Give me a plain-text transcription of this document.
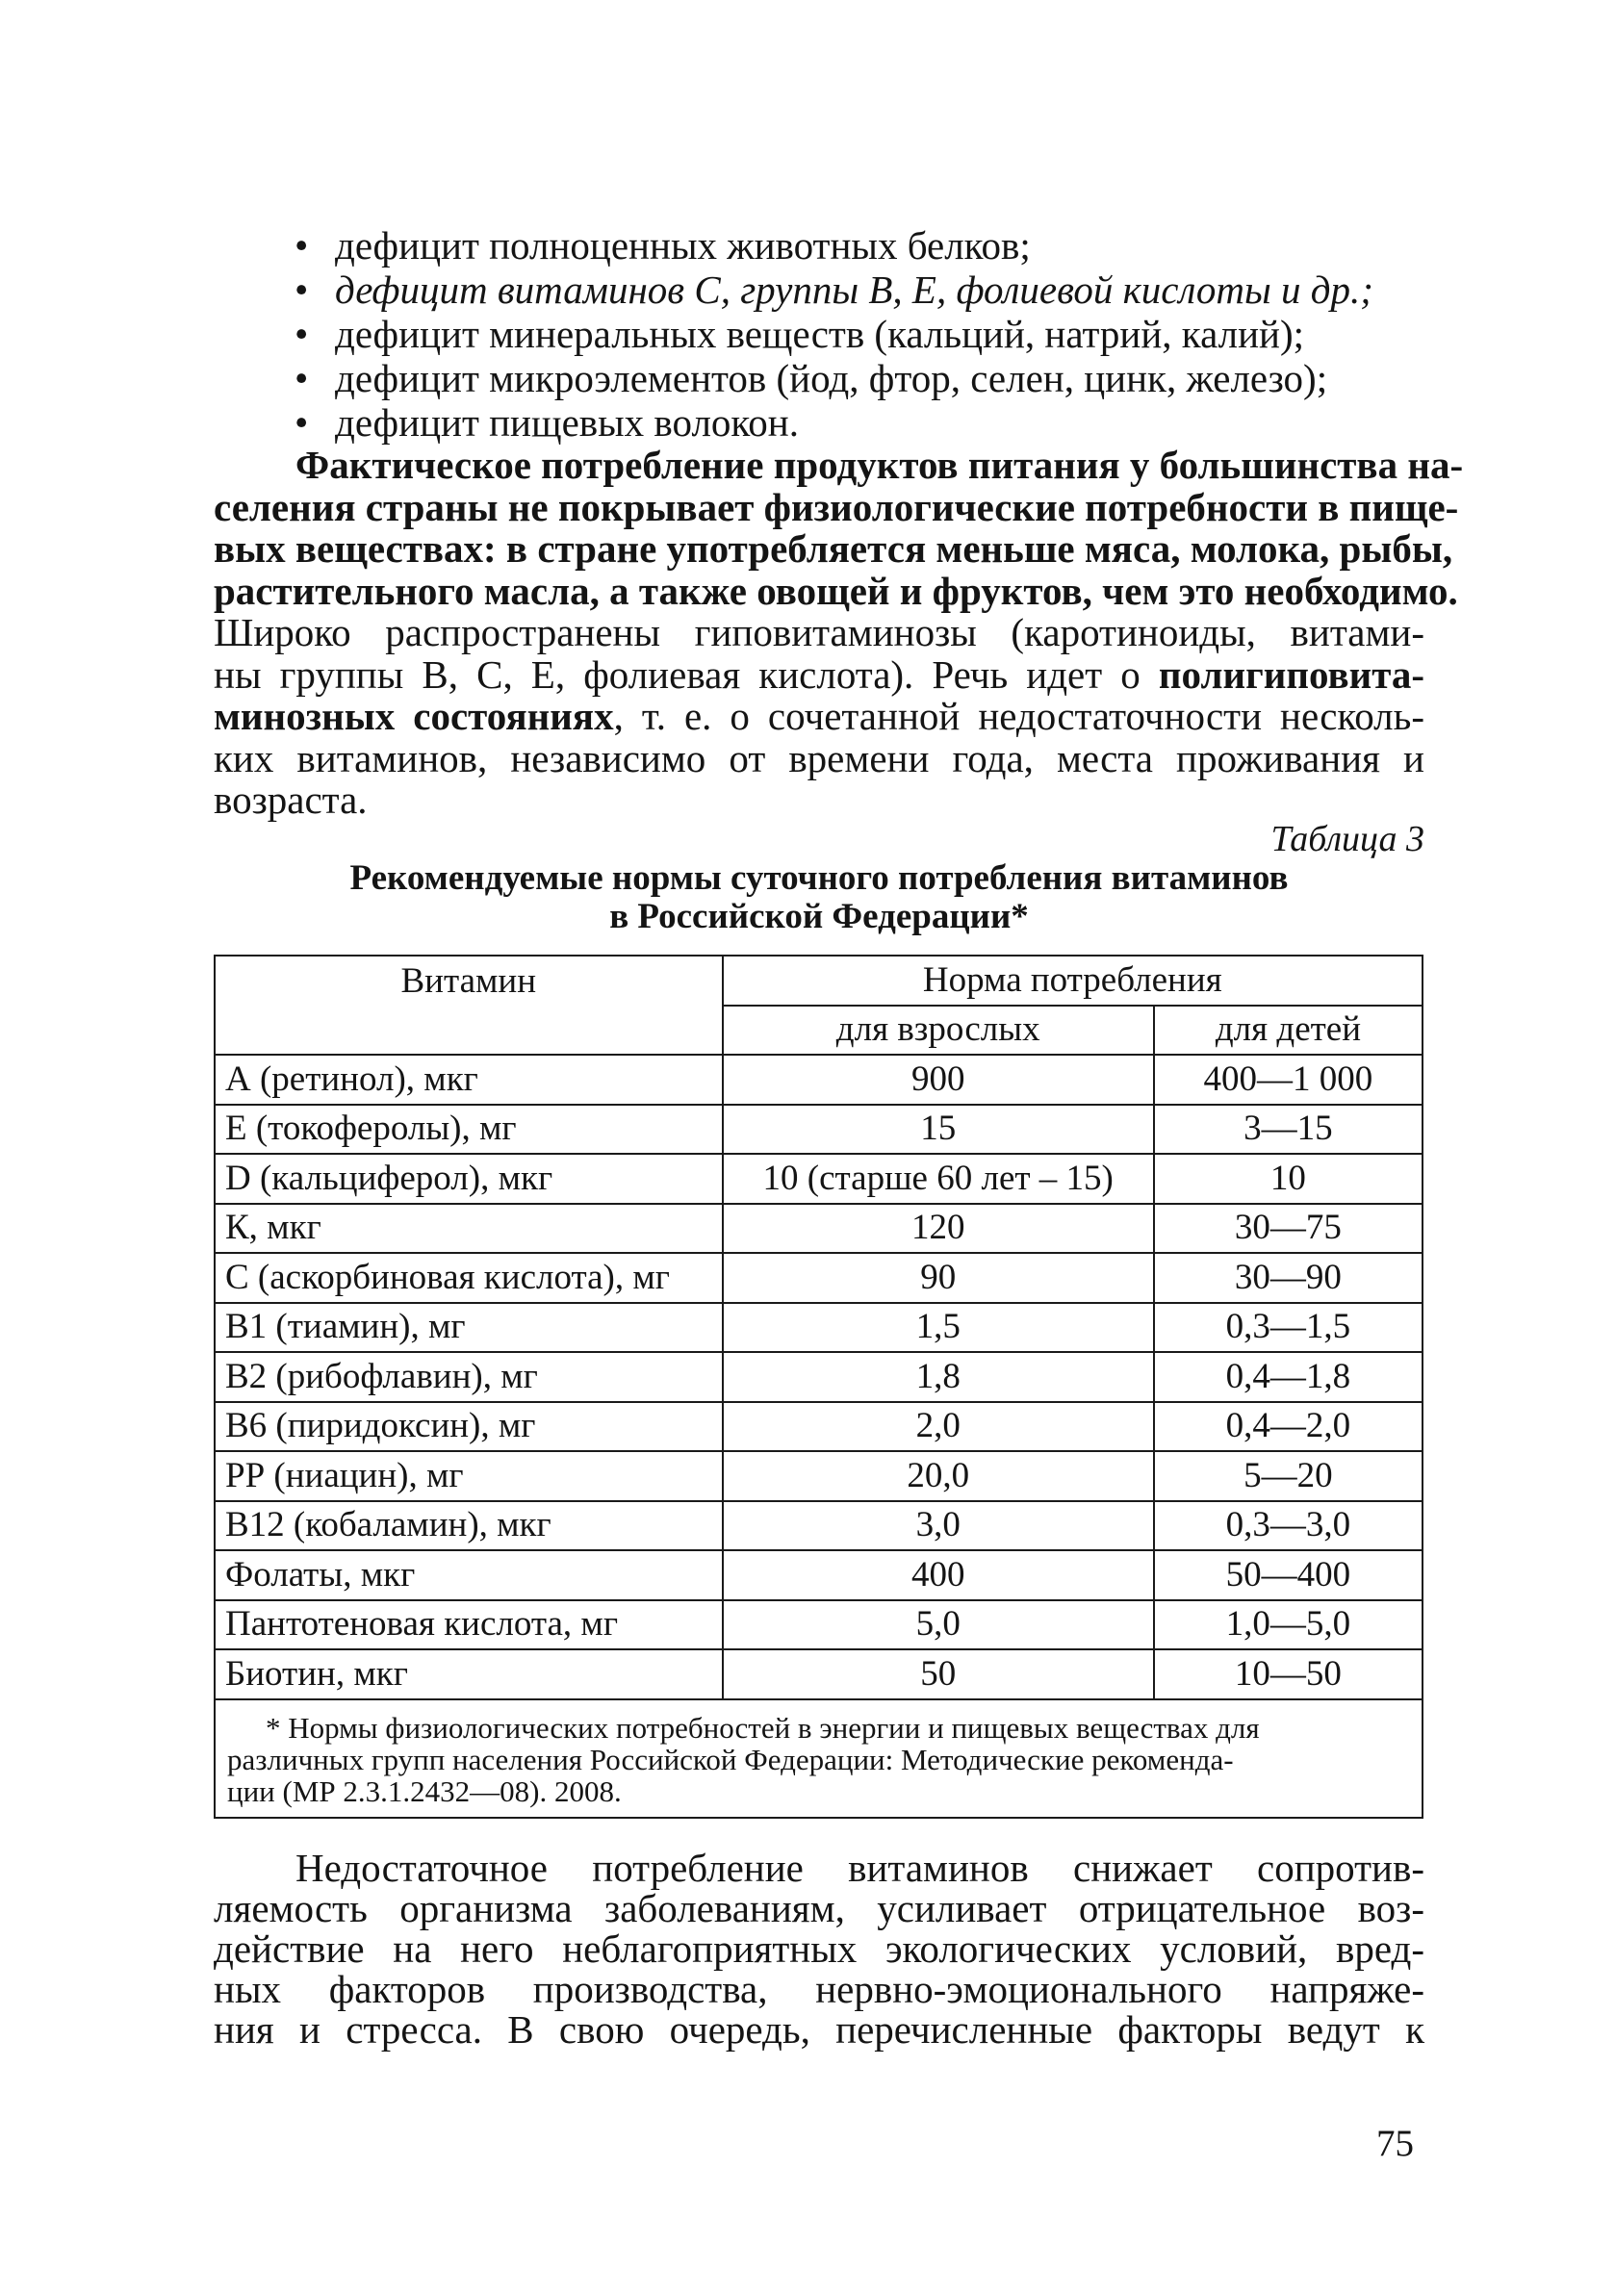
• дефицит полноценных животных белков;
• дефицит витаминов С, группы В, Е, фолиевой кислоты и др.;
• дефицит минеральных веществ (кальций, натрий, калий);
• дефицит микроэлементов (йод, фтор, селен, цинк, железо);
• дефицит пищевых волокон.
Фактическое потребление продуктов питания у большинства на-
селения страны не покрывает физиологические потребности в пище-
вых веществах: в стране употребляется меньше мяса, молока, рыбы,
растительного масла, а также овощей и фруктов, чем это необходимо.
Широко распространены гиповитаминозы (каротиноиды, витами-
ны группы В, С, Е, фолиевая кислота). Речь идет о полигиповита-
минозных состояниях, т. е. о сочетанной недостаточности несколь-
ких витаминов, независимо от времени года, места проживания и
возраста.
Таблица 3
Рекомендуемые нормы суточного потребления витаминов
в Российской Федерации*
Витамин	Норма потребления	
	для взрослых	для детей
А (ретинол), мкг	900	400—1 000
Е (токоферолы), мг	15	3—15
D (кальциферол), мкг	10 (старше 60 лет – 15)	10
К, мкг	120	30—75
С (аскорбиновая кислота), мг	90	30—90
В1 (тиамин), мг	1,5	0,3—1,5
В2 (рибофлавин), мг	1,8	0,4—1,8
В6 (пиридоксин), мг	2,0	0,4—2,0
РР (ниацин), мг	20,0	5—20
В12 (кобаламин), мкг	3,0	0,3—3,0
Фолаты, мкг	400	50—400
Пантотеновая кислота, мг	5,0	1,0—5,0
Биотин, мкг	50	10—50

* Нормы физиологических потребностей в энергии и пищевых веществах для
различных групп населения Российской Федерации: Методические рекоменда-
ции (МР 2.3.1.2432—08). 2008.		
Недостаточное потребление витаминов снижает сопротив-
ляемость организма заболеваниям, усиливает отрицательное воз-
действие на него неблагоприятных экологических условий, вред-
ных факторов производства, нервно-эмоционального напряже-
ния и стресса. В свою очередь, перечисленные факторы ведут к
75
